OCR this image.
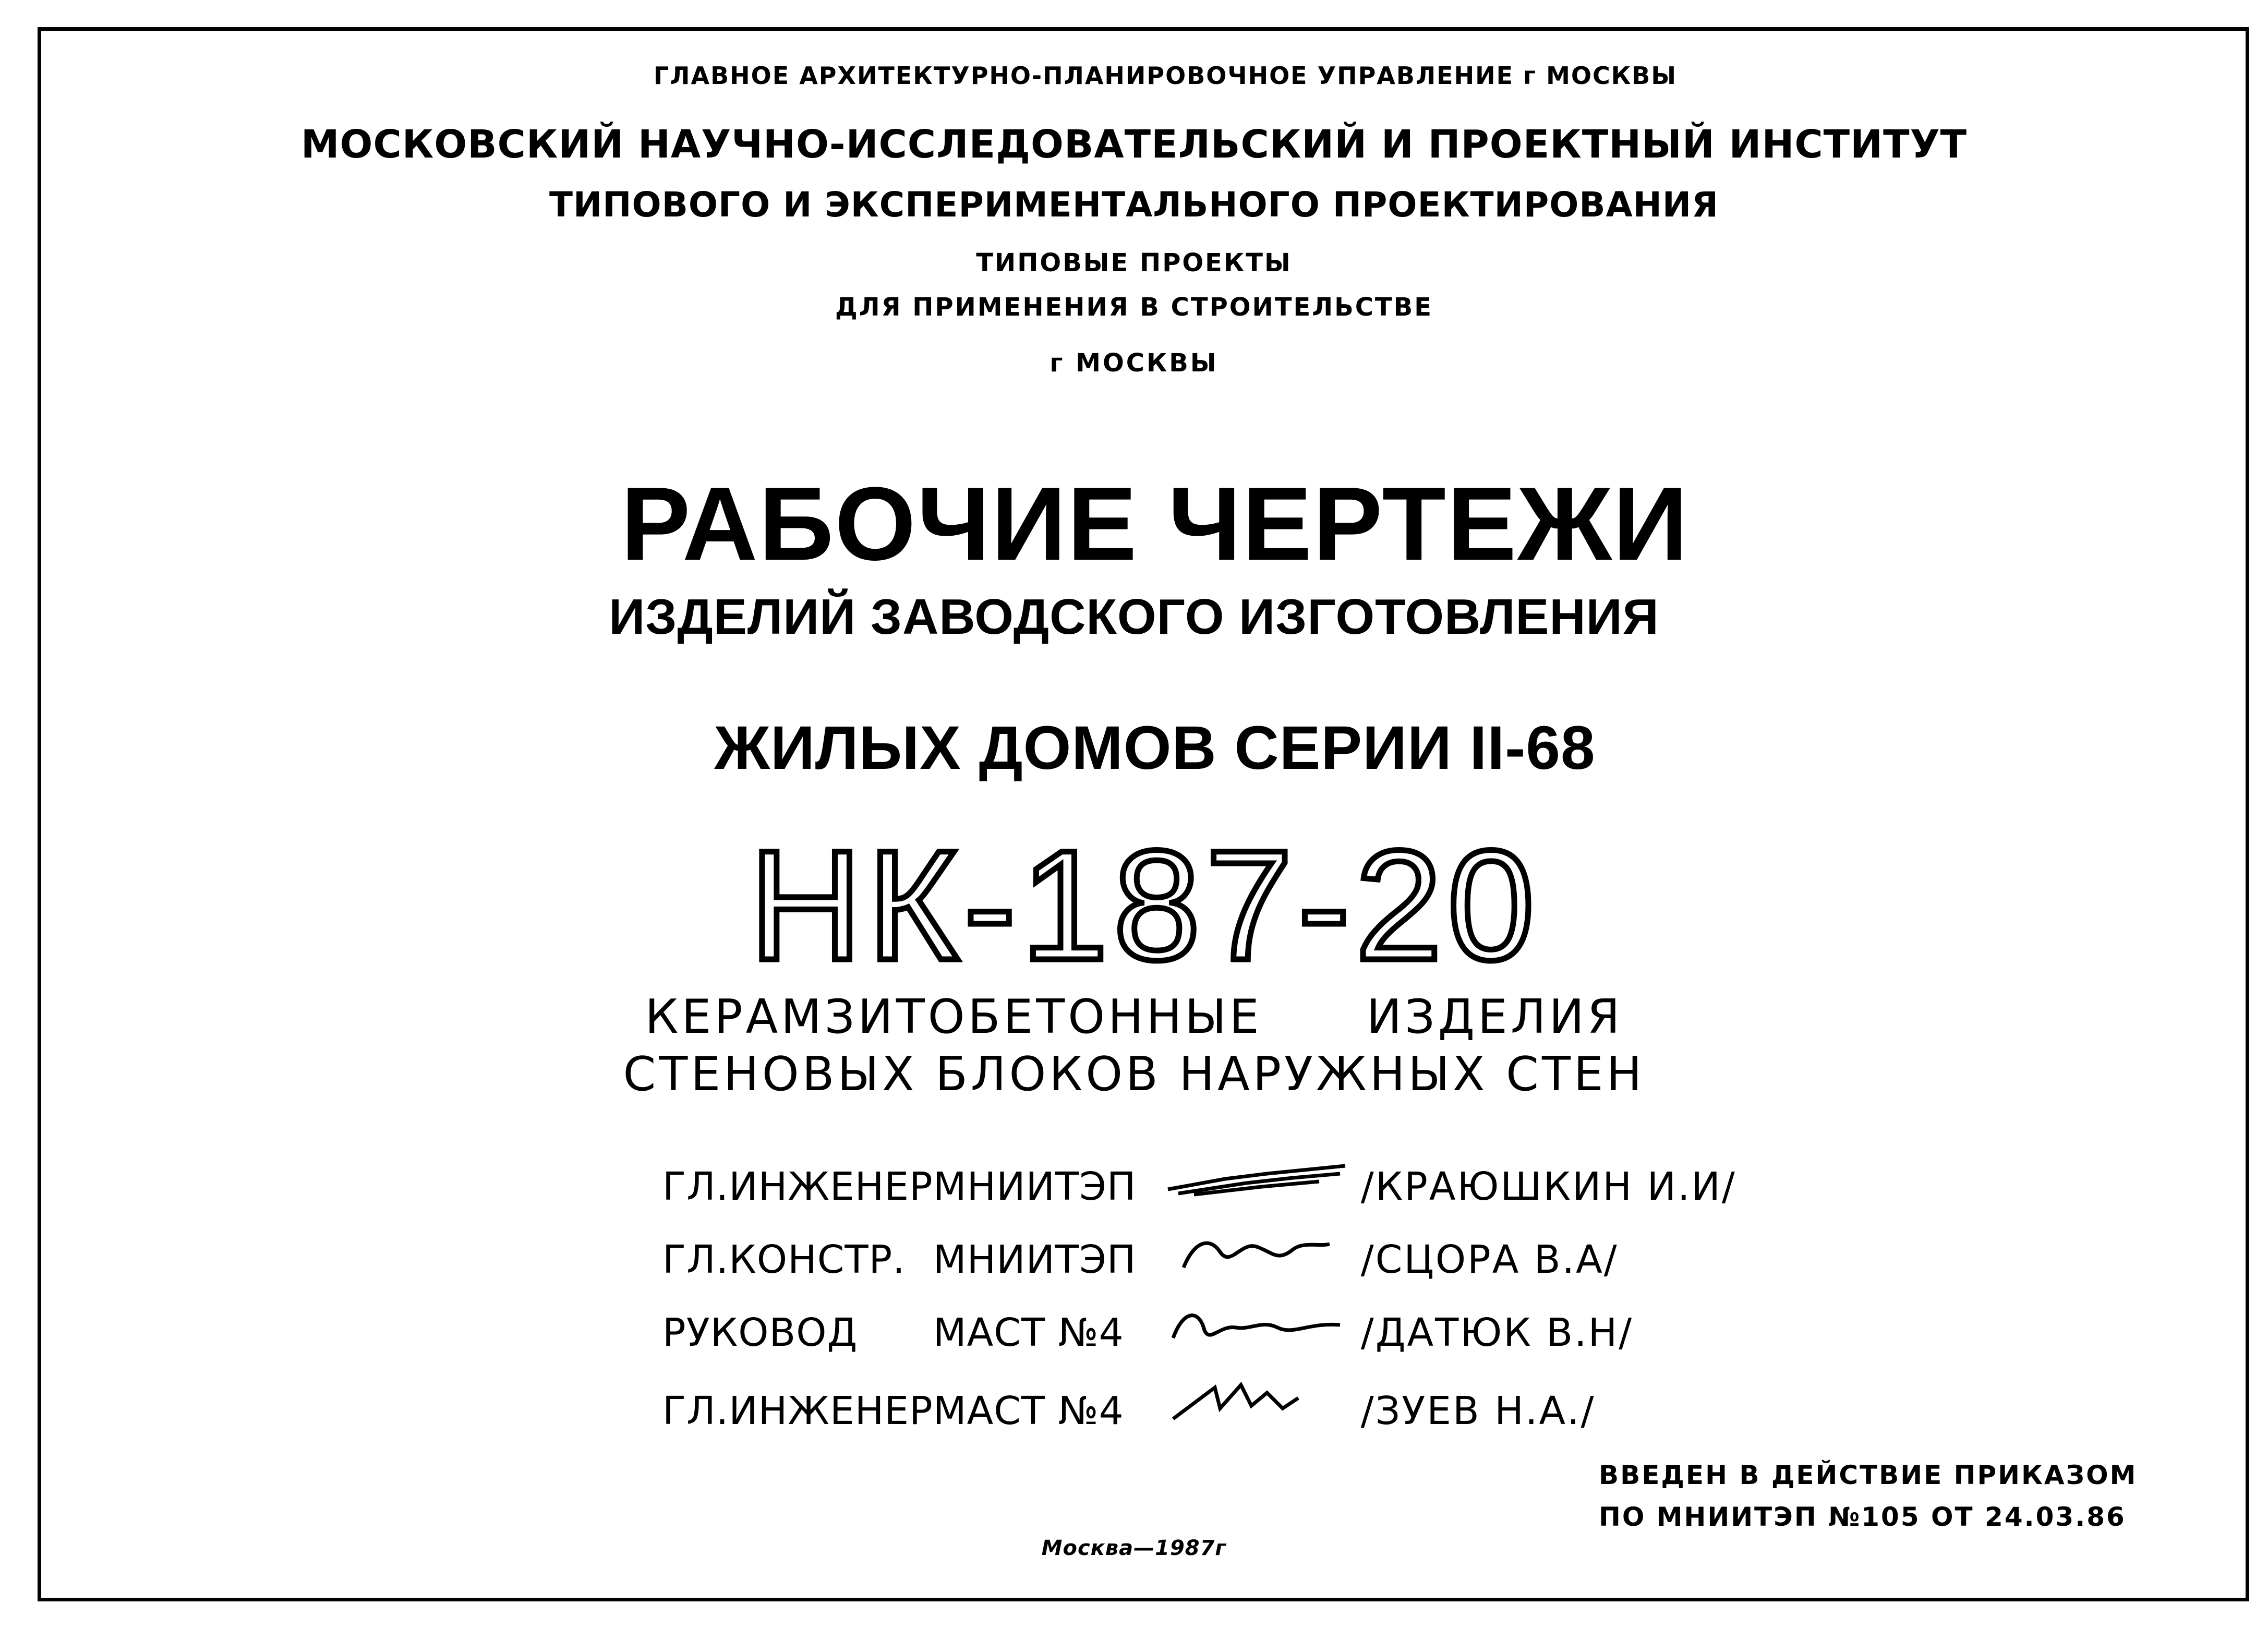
ГЛАВНОЕ АРХИТЕКТУРНО-ПЛАНИРОВОЧНОЕ УПРАВЛЕНИЕ г МОСКВЫ
МОСКОВСКИЙ НАУЧНО-ИССЛЕДОВАТЕЛЬСКИЙ И ПРОЕКТНЫЙ ИНСТИТУТ
ТИПОВОГО И ЭКСПЕРИМЕНТАЛЬНОГО ПРОЕКТИРОВАНИЯ
ТИПОВЫЕ ПРОЕКТЫ
ДЛЯ ПРИМЕНЕНИЯ В СТРОИТЕЛЬСТВЕ
г МОСКВЫ
РАБОЧИЕ ЧЕРТЕЖИ
ИЗДЕЛИЙ ЗАВОДСКОГО ИЗГОТОВЛЕНИЯ
ЖИЛЫХ ДОМОВ СЕРИИ II-68
НК-187-20
КЕРАМЗИТОБЕТОННЫЕ ИЗДЕЛИЯ
СТЕНОВЫХ БЛОКОВ НАРУЖНЫХ СТЕН
ГЛ.ИНЖЕНЕР	МНИИТЭП		/КРАЮШКИН И.И/
ГЛ.КОНСТР.	МНИИТЭП		/СЦОРА В.А/
РУКОВОД	МАСТ №4		/ДАТЮК В.Н/
ГЛ.ИНЖЕНЕР	МАСТ №4		/ЗУЕВ Н.А./
ВВЕДЕН В ДЕЙСТВИЕ ПРИКАЗОМ
ПО МНИИТЭП №105 ОТ 24.03.86
Москва—1987г
